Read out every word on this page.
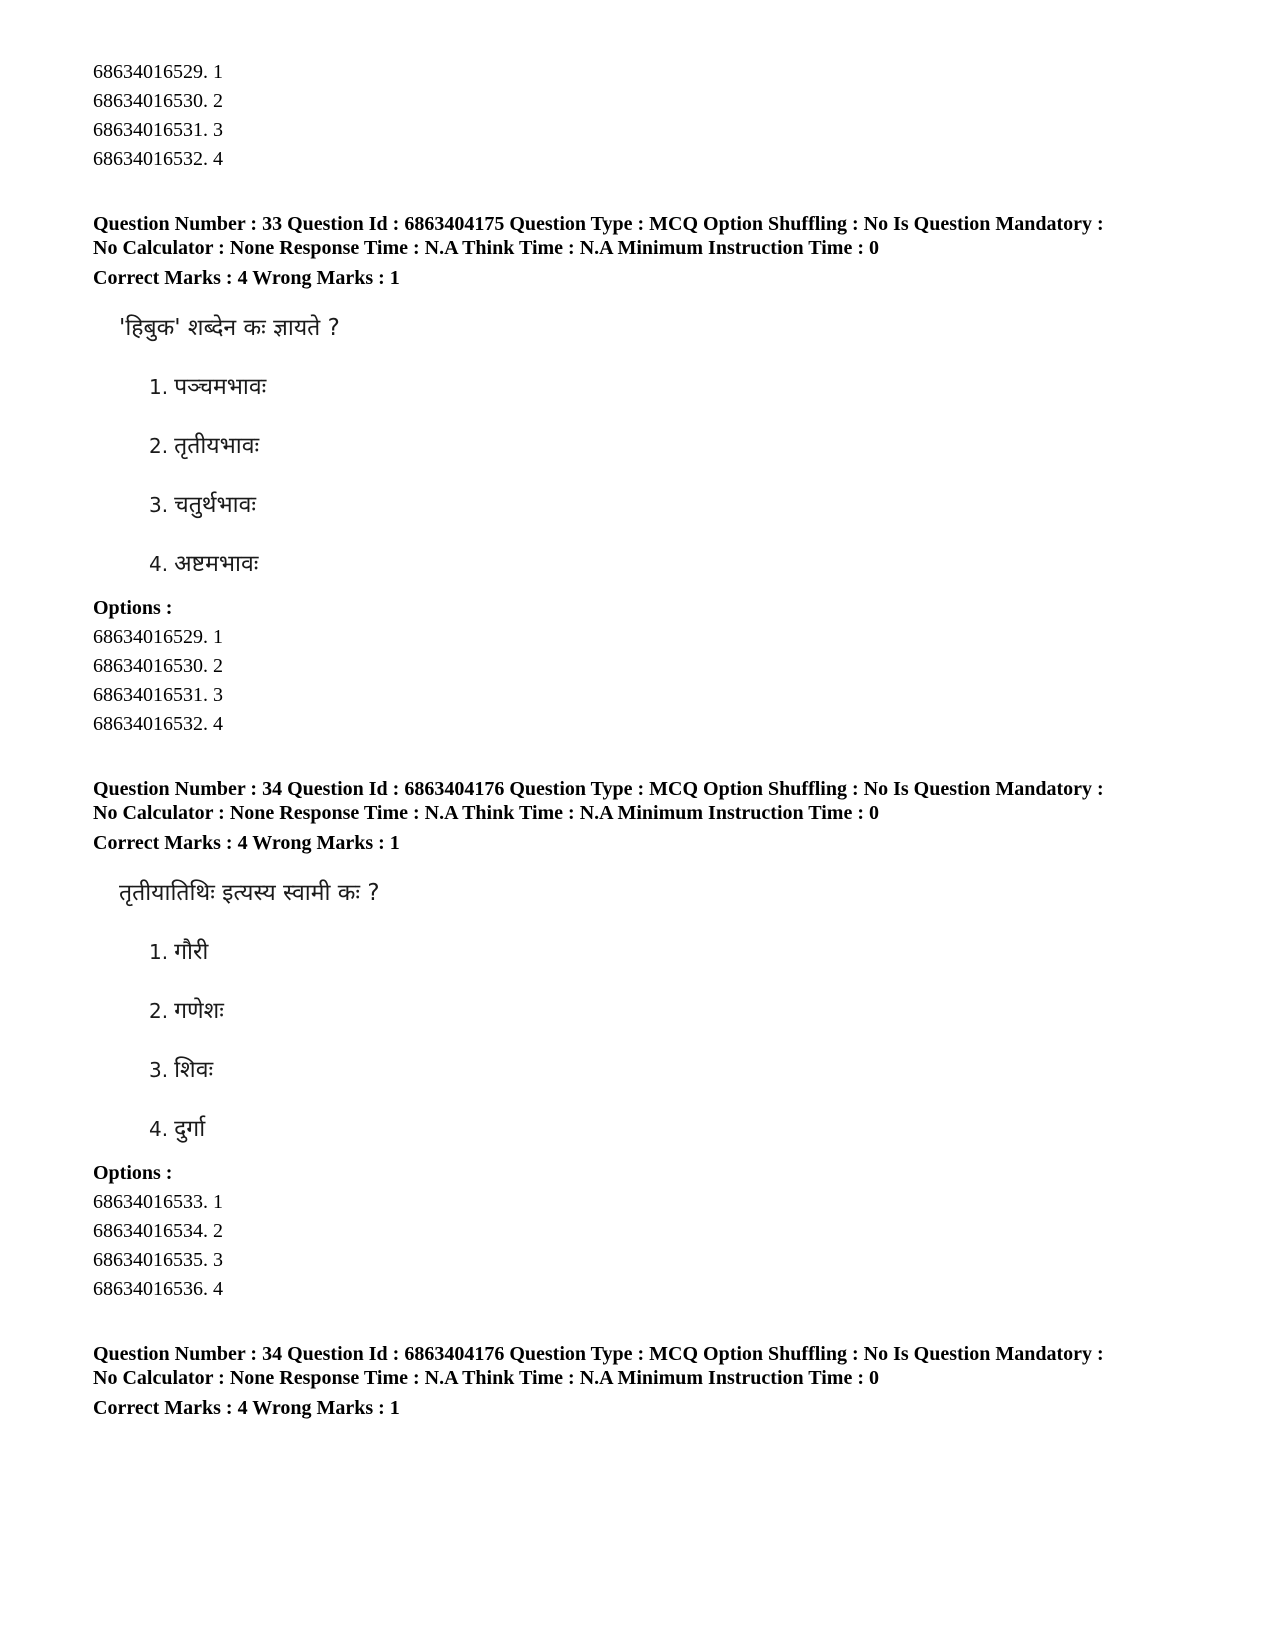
68634016529. 1
68634016530. 2
68634016531. 3
68634016532. 4
Question Number : 33 Question Id : 6863404175 Question Type : MCQ Option Shuffling : No Is Question Mandatory :
No Calculator : None Response Time : N.A Think Time : N.A Minimum Instruction Time : 0
Correct Marks : 4 Wrong Marks : 1
'हिबुक' शब्देन कः ज्ञायते ?
1. पञ्चमभावः
2. तृतीयभावः
3. चतुर्थभावः
4. अष्टमभावः
Options :
68634016529. 1
68634016530. 2
68634016531. 3
68634016532. 4
Question Number : 34 Question Id : 6863404176 Question Type : MCQ Option Shuffling : No Is Question Mandatory :
No Calculator : None Response Time : N.A Think Time : N.A Minimum Instruction Time : 0
Correct Marks : 4 Wrong Marks : 1
तृतीयातिथिः इत्यस्य स्वामी कः ?
1. गौरी
2. गणेशः
3. शिवः
4. दुर्गा
Options :
68634016533. 1
68634016534. 2
68634016535. 3
68634016536. 4
Question Number : 34 Question Id : 6863404176 Question Type : MCQ Option Shuffling : No Is Question Mandatory :
No Calculator : None Response Time : N.A Think Time : N.A Minimum Instruction Time : 0
Correct Marks : 4 Wrong Marks : 1
